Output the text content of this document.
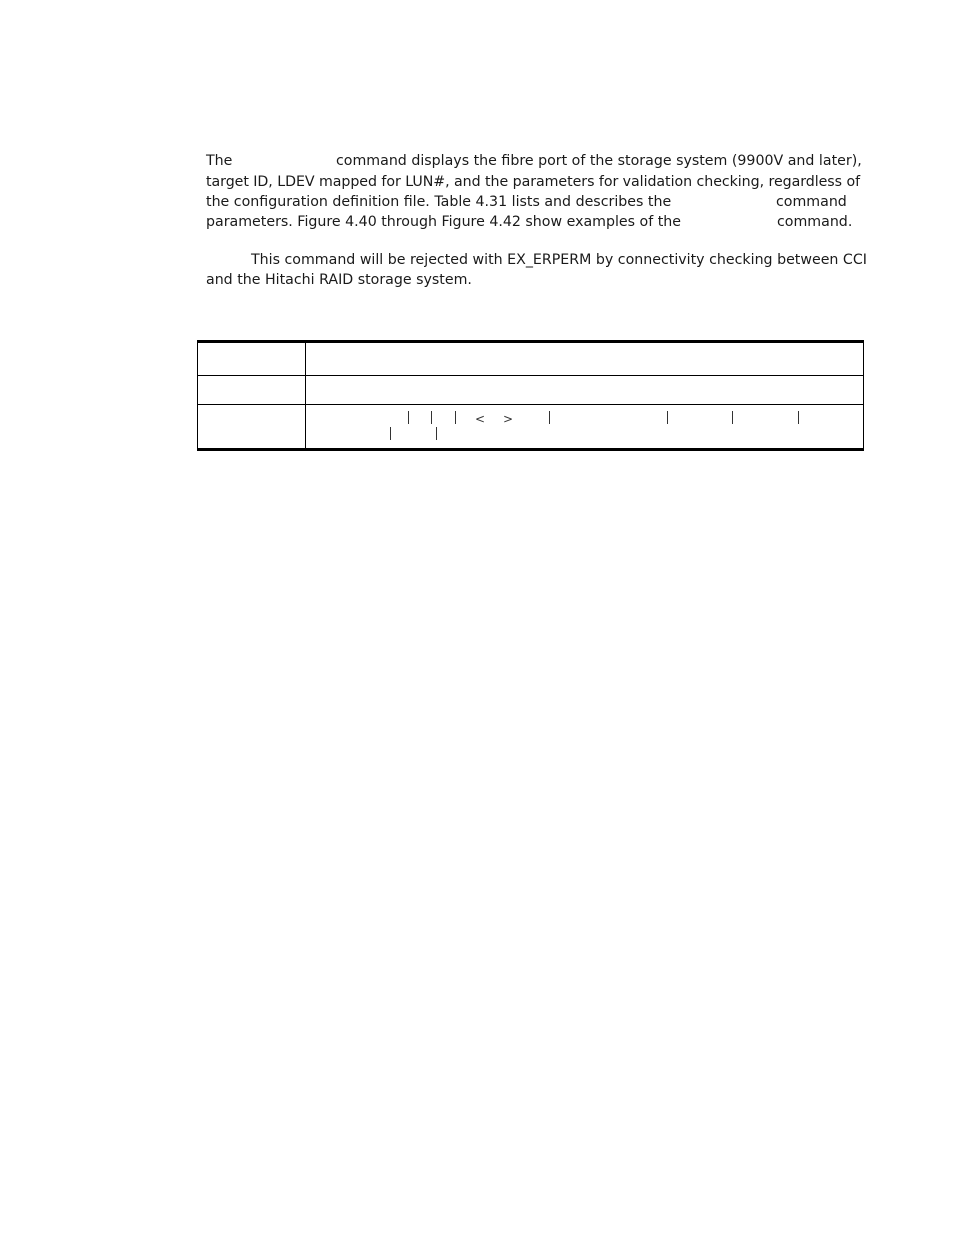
The	command displays the fibre port of the storage system (9900V and later),
target ID, LDEV mapped for LUN#, and the parameters for validation checking, regardless of
the configuration definition file. Table 4.31 lists and describes the	command
parameters. Figure 4.40 through Figure 4.42 show examples of the	command.
This command will be rejected with EX_ERPERM by connectivity checking between CCI
and the Hitachi RAID storage system.
< >
